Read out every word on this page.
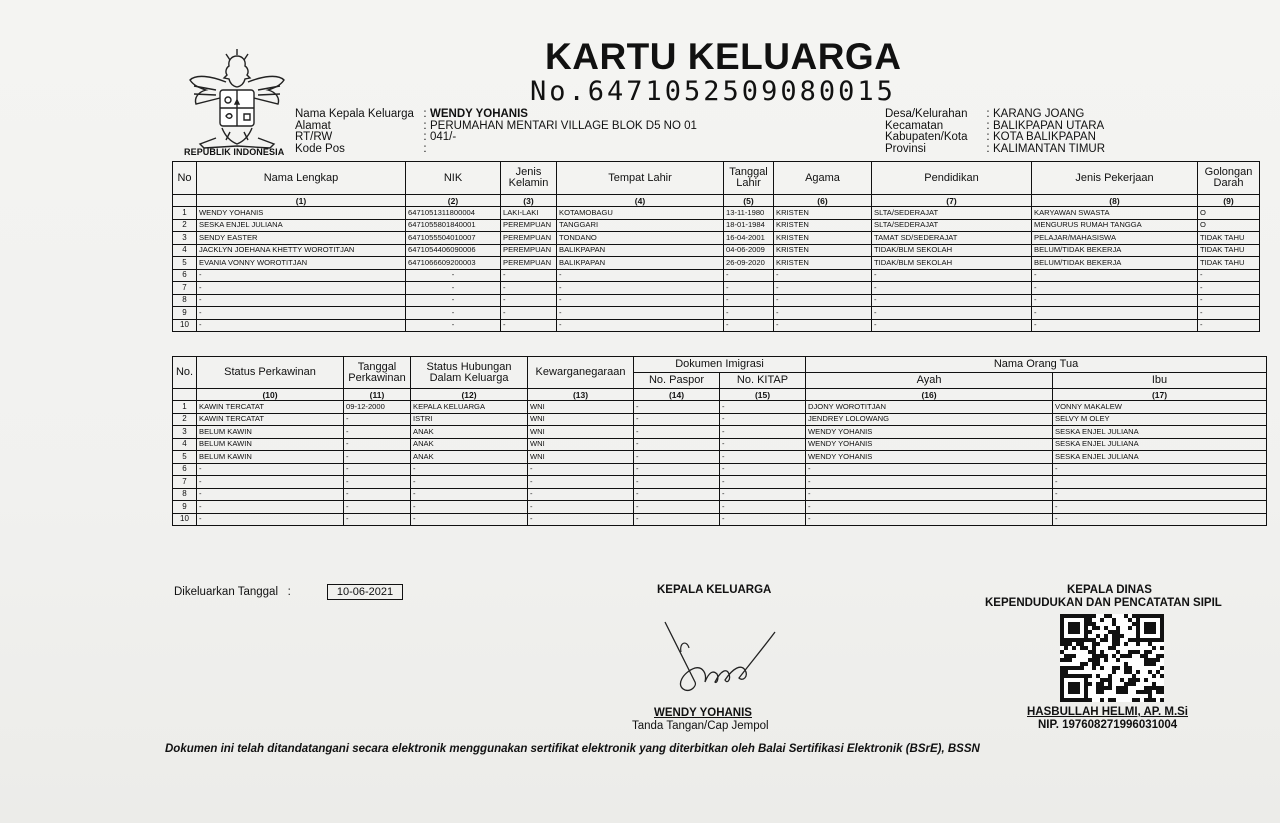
REPUBLIK INDONESIA
KARTU KELUARGA
No.6471052509080015
Nama Kepala Keluarga : WENDY YOHANIS
Alamat	: PERUMAHAN MENTARI VILLAGE BLOK D5 NO 01
RT/RW	: 041/-
Kode Pos	:
Desa/Kelurahan	: KARANG JOANG
Kecamatan	: BALIKPAPAN UTARA
Kabupaten/Kota	: KOTA BALIKPAPAN
Provinsi	: KALIMANTAN TIMUR
No	Nama Lengkap	NIK	Jenis Kelamin	Tempat Lahir	Tanggal Lahir	Agama	Pendidikan	Jenis Pekerjaan	Golongan Darah
	(1)	(2)	(3)	(4)	(5)	(6)	(7)	(8)	(9)
1	WENDY YOHANIS	6471051311800004	LAKI-LAKI	KOTAMOBAGU	13-11-1980	KRISTEN	SLTA/SEDERAJAT	KARYAWAN SWASTA	O
2	SESKA ENJEL JULIANA	6471055801840001	PEREMPUAN	TANGGARI	18-01-1984	KRISTEN	SLTA/SEDERAJAT	MENGURUS RUMAH TANGGA	O
3	SENDY EASTER	6471055504010007	PEREMPUAN	TONDANO	16-04-2001	KRISTEN	TAMAT SD/SEDERAJAT	PELAJAR/MAHASISWA	TIDAK TAHU
4	JACKLYN JOEHANA KHETTY WOROTITJAN	6471054406090006	PEREMPUAN	BALIKPAPAN	04-06-2009	KRISTEN	TIDAK/BLM SEKOLAH	BELUM/TIDAK BEKERJA	TIDAK TAHU
5	EVANIA VONNY WOROTITJAN	6471066609200003	PEREMPUAN	BALIKPAPAN	26-09-2020	KRISTEN	TIDAK/BLM SEKOLAH	BELUM/TIDAK BEKERJA	TIDAK TAHU
6	-	-	-	-	-	-	-	-	-
7	-	-	-	-	-	-	-	-	-
8	-	-	-	-	-	-	-	-	-
9	-	-	-	-	-	-	-	-	-
10	-	-	-	-	-	-	-	-	-
No.	Status Perkawinan	Tanggal Perkawinan	Status Hubungan Dalam Keluarga	Kewarganegaraan	Dokumen Imigrasi		Nama Orang Tua	
					No. Paspor	No. KITAP	Ayah	Ibu
	(10)	(11)	(12)	(13)	(14)	(15)	(16)	(17)
1	KAWIN TERCATAT	09-12-2000	KEPALA KELUARGA	WNI	-	-	DJONY WOROTITJAN	VONNY MAKALEW
2	KAWIN TERCATAT	-	ISTRI	WNI	-	-	JENDREY LOLOWANG	SELVY M OLEY
3	BELUM KAWIN	-	ANAK	WNI	-	-	WENDY YOHANIS	SESKA ENJEL JULIANA
4	BELUM KAWIN	-	ANAK	WNI	-	-	WENDY YOHANIS	SESKA ENJEL JULIANA
5	BELUM KAWIN	-	ANAK	WNI	-	-	WENDY YOHANIS	SESKA ENJEL JULIANA
6	-	-	-	-	-	-	-	-
7	-	-	-	-	-	-	-	-
8	-	-	-	-	-	-	-	-
9	-	-	-	-	-	-	-	-
10	-	-	-	-	-	-	-	-
Dikeluarkan Tanggal   :	10-06-2021	KEPALA KELUARGA
WENDY YOHANIS
Tanda Tangan/Cap Jempol
KEPALA DINAS
KEPENDUDUKAN DAN PENCATATAN SIPIL
HASBULLAH HELMI, AP. M.Si
NIP. 197608271996031004
Dokumen ini telah ditandatangani secara elektronik menggunakan sertifikat elektronik yang diterbitkan oleh Balai Sertifikasi Elektronik (BSrE), BSSN
